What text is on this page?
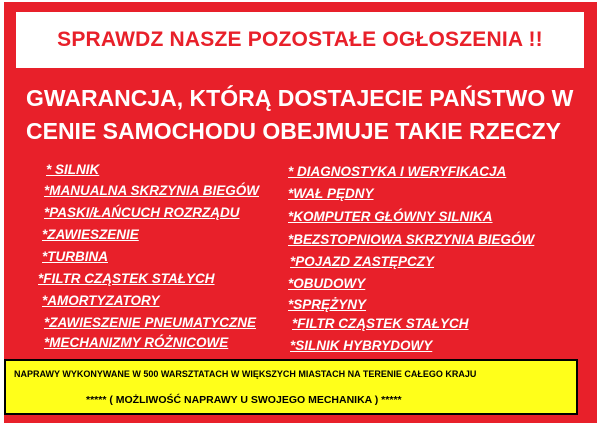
SPRAWDZ NASZE POZOSTAŁE OGŁOSZENIA !!
GWARANCJA, KTÓRĄ DOSTAJECIE PAŃSTWO W
CENIE SAMOCHODU OBEJMUJE TAKIE RZECZY
* SILNIK
*MANUALNA SKRZYNIA BIEGÓW
*PASKI/ŁAŃCUCH ROZRZĄDU
*ZAWIESZENIE
*TURBINA
*FILTR CZĄSTEK STAŁYCH
*AMORTYZATORY
*ZAWIESZENIE PNEUMATYCZNE
*MECHANIZMY RÓŻNICOWE
* DIAGNOSTYKA I WERYFIKACJA
*WAŁ PĘDNY
*KOMPUTER GŁÓWNY SILNIKA
*BEZSTOPNIOWA SKRZYNIA BIEGÓW
*POJAZD ZASTĘPCZY
*OBUDOWY
*SPRĘŻYNY
*FILTR CZĄSTEK STAŁYCH
*SILNIK HYBRYDOWY
NAPRAWY WYKONYWANE W 500 WARSZTATACH W WIĘKSZYCH MIASTACH NA TERENIE CAŁEGO KRAJU
***** ( MOŻLIWOŚĆ NAPRAWY U SWOJEGO MECHANIKA ) *****
